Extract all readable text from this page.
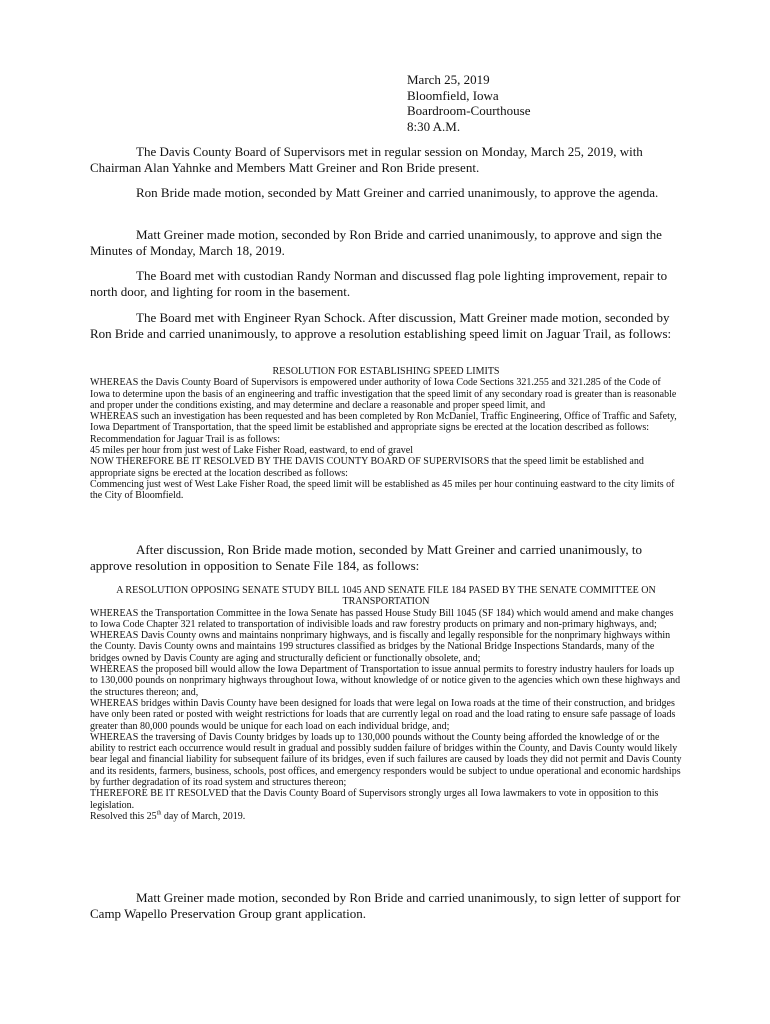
March 25, 2019
Bloomfield, Iowa
Boardroom-Courthouse
8:30 A.M.

The Davis County Board of Supervisors met in regular session on Monday, March 25, 2019, with Chairman Alan Yahnke and Members Matt Greiner and Ron Bride present.

Ron Bride made motion, seconded by Matt Greiner and carried unanimously, to approve the agenda.

Matt Greiner made motion, seconded by Ron Bride and carried unanimously, to approve and sign the Minutes of Monday, March 18, 2019.

The Board met with custodian Randy Norman and discussed flag pole lighting improvement, repair to north door, and lighting for room in the basement.

The Board met with Engineer Ryan Schock. After discussion, Matt Greiner made motion, seconded by Ron Bride and carried unanimously, to approve a resolution establishing speed limit on Jaguar Trail, as follows:

RESOLUTION FOR ESTABLISHING SPEED LIMITS
WHEREAS the Davis County Board of Supervisors is empowered under authority of Iowa Code Sections 321.255 and 321.285 of the Code of Iowa to determine upon the basis of an engineering and traffic investigation that the speed limit of any secondary road is greater than is reasonable and proper under the conditions existing, and may determine and declare a reasonable and proper speed limit, and
WHEREAS such an investigation has been requested and has been completed by Ron McDaniel, Traffic Engineering, Office of Traffic and Safety, Iowa Department of Transportation, that the speed limit be established and appropriate signs be erected at the location described as follows:
Recommendation for Jaguar Trail is as follows:
45 miles per hour from just west of Lake Fisher Road, eastward, to end of gravel
NOW THEREFORE BE IT RESOLVED BY THE DAVIS COUNTY BOARD OF SUPERVISORS that the speed limit be established and appropriate signs be erected at the location described as follows:
Commencing just west of West Lake Fisher Road, the speed limit will be established as 45 miles per hour continuing eastward to the city limits of the City of Bloomfield.

After discussion, Ron Bride made motion, seconded by Matt Greiner and carried unanimously, to approve resolution in opposition to Senate File 184, as follows:

A RESOLUTION OPPOSING SENATE STUDY BILL 1045 AND SENATE FILE 184 PASED BY THE SENATE COMMITTEE ON TRANSPORTATION
WHEREAS the Transportation Committee in the Iowa Senate has passed House Study Bill 1045 (SF 184) which would amend and make changes to Iowa Code Chapter 321 related to transportation of indivisible loads and raw forestry products on primary and non-primary highways, and;
WHEREAS Davis County owns and maintains nonprimary highways, and is fiscally and legally responsible for the nonprimary highways within the County. Davis County owns and maintains 199 structures classified as bridges by the National Bridge Inspections Standards, many of the bridges owned by Davis County are aging and structurally deficient or functionally obsolete, and;
WHEREAS the proposed bill would allow the Iowa Department of Transportation to issue annual permits to forestry industry haulers for loads up to 130,000 pounds on nonprimary highways throughout Iowa, without knowledge of or notice given to the agencies which own these highways and the structures thereon; and,
WHEREAS bridges within Davis County have been designed for loads that were legal on Iowa roads at the time of their construction, and bridges have only been rated or posted with weight restrictions for loads that are currently legal on road and the load rating to ensure safe passage of loads greater than 80,000 pounds would be unique for each load on each individual bridge, and;
WHEREAS the traversing of Davis County bridges by loads up to 130,000 pounds without the County being afforded the knowledge of or the ability to restrict each occurrence would result in gradual and possibly sudden failure of bridges within the County, and Davis County would likely bear legal and financial liability for subsequent failure of its bridges, even if such failures are caused by loads they did not permit and Davis County and its residents, farmers, business, schools, post offices, and emergency responders would be subject to undue operational and economic hardships by further degradation of its road system and structures thereon;
THEREFORE BE IT RESOLVED that the Davis County Board of Supervisors strongly urges all Iowa lawmakers to vote in opposition to this legislation.
Resolved this 25th day of March, 2019.

Matt Greiner made motion, seconded by Ron Bride and carried unanimously, to sign letter of support for Camp Wapello Preservation Group grant application.
